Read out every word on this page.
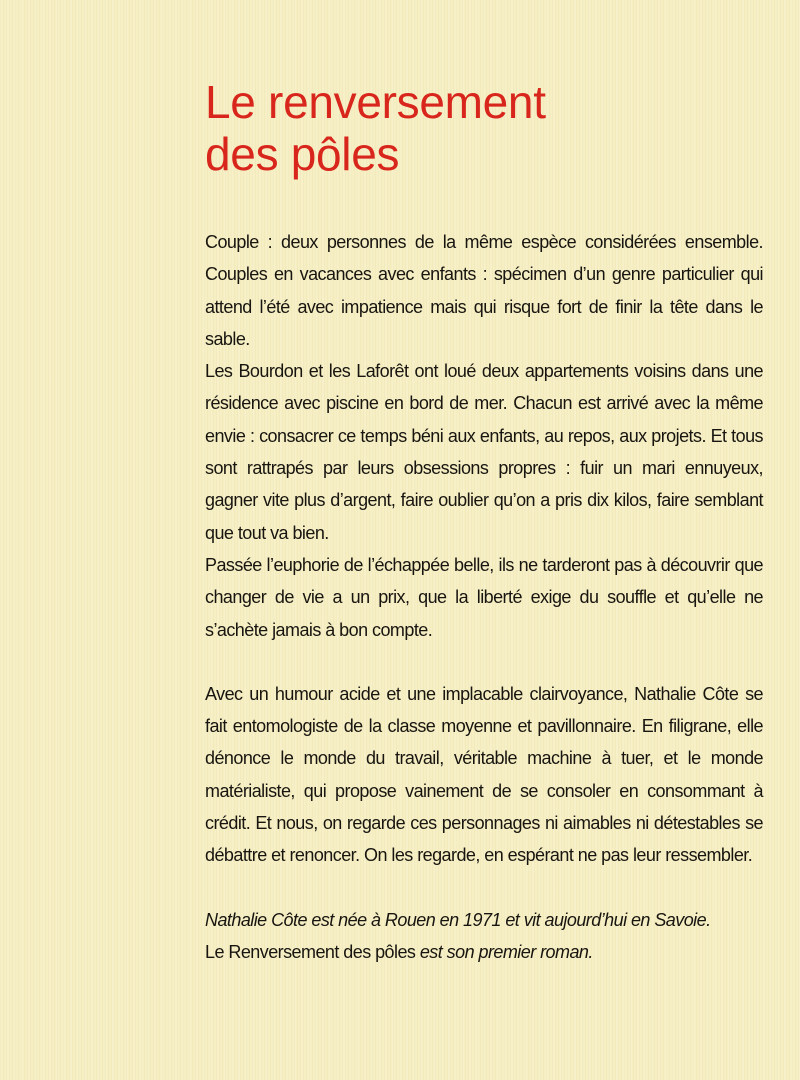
Le renversement
des pôles

Couple : deux personnes de la même espèce considérées ensemble. Couples en vacances avec enfants : spécimen d’un genre particulier qui attend l’été avec impatience mais qui risque fort de finir la tête dans le sable.

Les Bourdon et les Laforêt ont loué deux appartements voisins dans une résidence avec piscine en bord de mer. Chacun est arrivé avec la même envie : consacrer ce temps béni aux enfants, au repos, aux projets. Et tous sont rattrapés par leurs obsessions propres : fuir un mari ennuyeux, gagner vite plus d’argent, faire oublier qu’on a pris dix kilos, faire semblant que tout va bien.

Passée l’euphorie de l’échappée belle, ils ne tarderont pas à découvrir que changer de vie a un prix, que la liberté exige du souffle et qu’elle ne s’achète jamais à bon compte.

Avec un humour acide et une implacable clairvoyance, Nathalie Côte se fait entomologiste de la classe moyenne et pavillonnaire. En filigrane, elle dénonce le monde du travail, véritable machine à tuer, et le monde matérialiste, qui propose vainement de se consoler en consommant à crédit. Et nous, on regarde ces personnages ni aimables ni détestables se débattre et renoncer. On les regarde, en espérant ne pas leur ressembler.

Nathalie Côte est née à Rouen en 1971 et vit aujourd’hui en Savoie.
Le Renversement des pôles est son premier roman.
